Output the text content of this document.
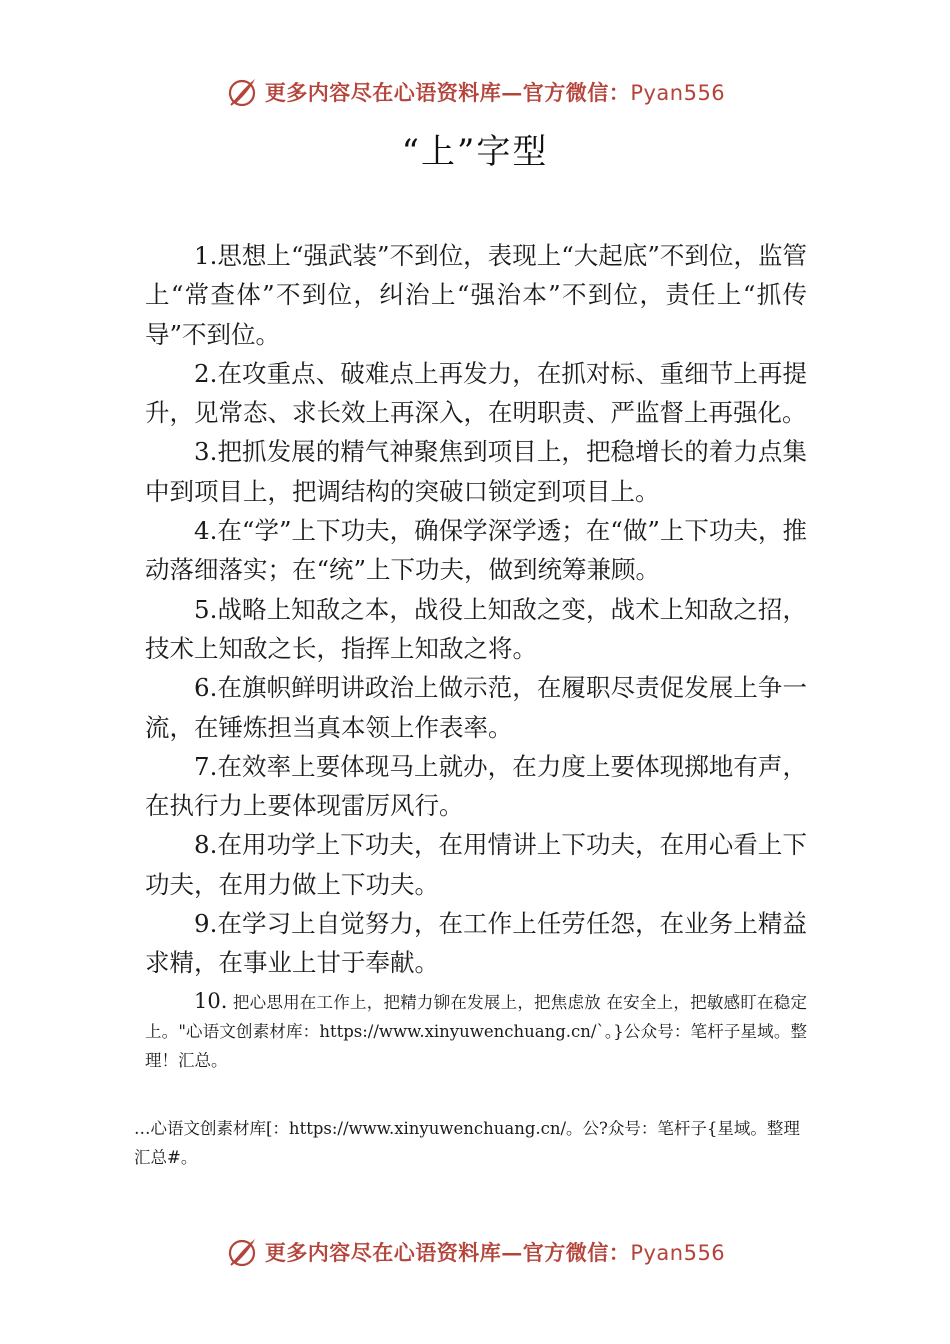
更多内容尽在心语资料库—官方微信：Pyan556
“上”字型

1.思想上“强武装”不到位，表现上“大起底”不到位，监管上“常查体”不到位，纠治上“强治本”不到位，责任上“抓传导”不到位。

2.在攻重点、破难点上再发力，在抓对标、重细节上再提升，见常态、求长效上再深入，在明职责、严监督上再强化。

3.把抓发展的精气神聚焦到项目上，把稳增长的着力点集中到项目上，把调结构的突破口锁定到项目上。

4.在“学”上下功夫，确保学深学透；在“做”上下功夫，推动落细落实；在“统”上下功夫，做到统筹兼顾。

5.战略上知敌之本，战役上知敌之变，战术上知敌之招，技术上知敌之长，指挥上知敌之将。

6.在旗帜鲜明讲政治上做示范，在履职尽责促发展上争一流，在锤炼担当真本领上作表率。

7.在效率上要体现马上就办，在力度上要体现掷地有声，在执行力上要体现雷厉风行。

8.在用功学上下功夫，在用情讲上下功夫，在用心看上下功夫，在用力做上下功夫。

9.在学习上自觉努力，在工作上任劳任怨，在业务上精益求精，在事业上甘于奉献。

10. 把心思用在工作上，把精力铆在发展上，把焦虑放 在安全上，把敏感盯在稳定上。"心语文创素材库：https://www.xinyuwenchuang.cn/`。}公众号：笔杆子星域。整理！汇总。

…心语文创素材库[：https://www.xinyuwenchuang.cn/。公?众号：笔杆子{星域。整理汇总#。

更多内容尽在心语资料库—官方微信：Pyan556
